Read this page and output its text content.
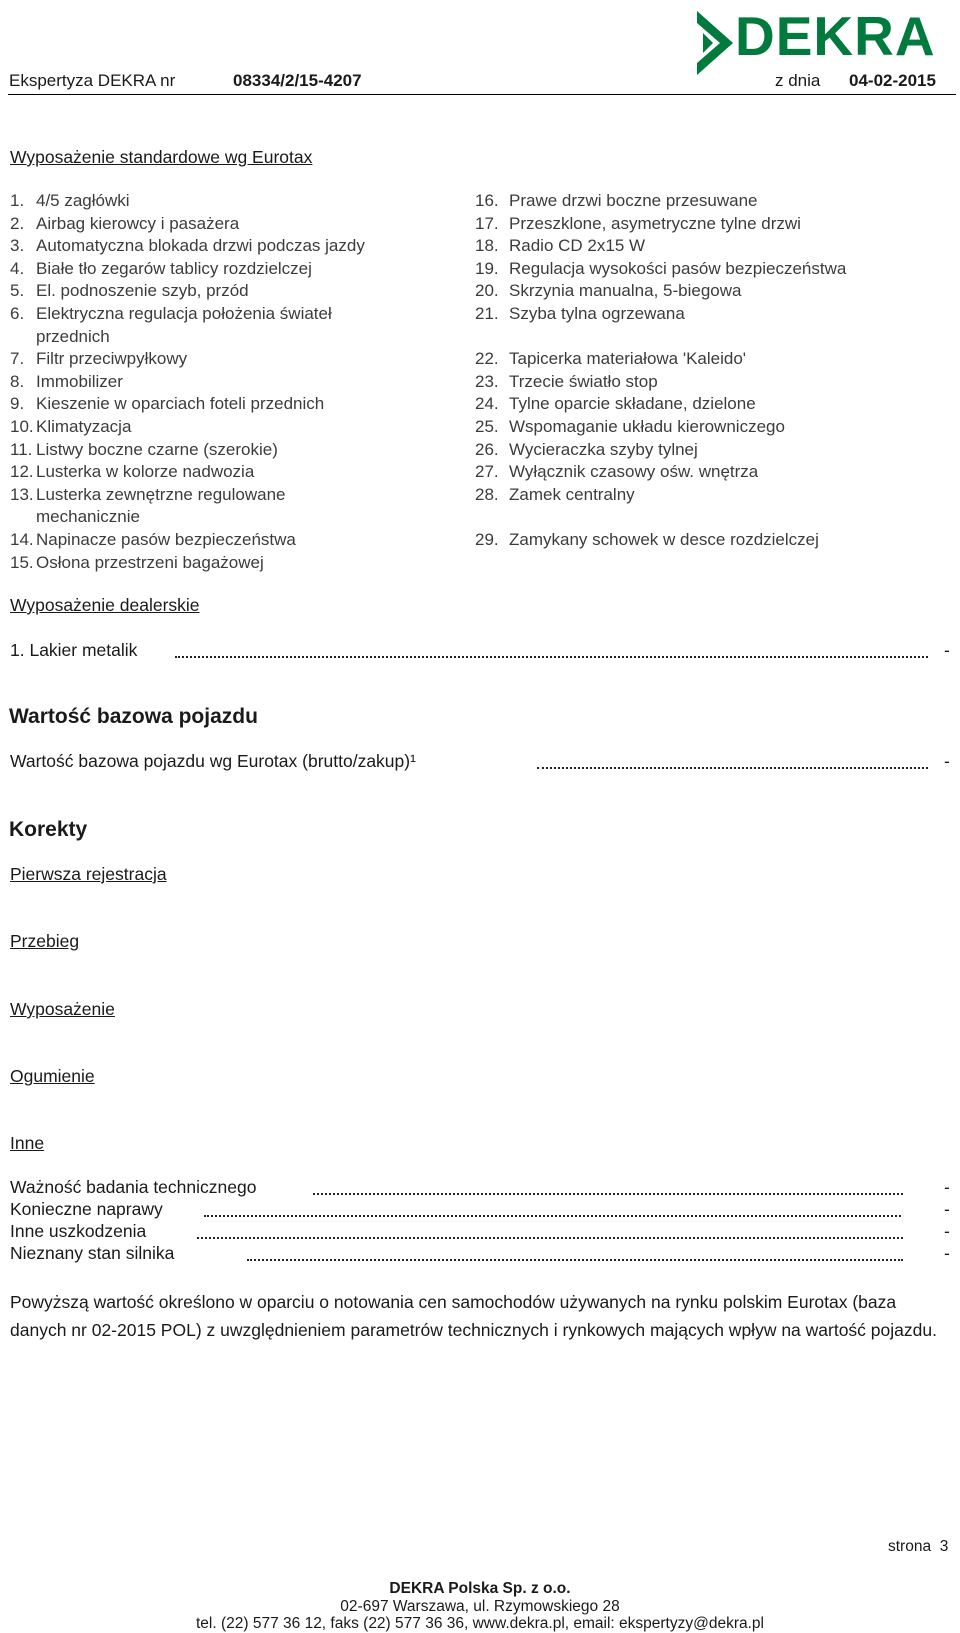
Ekspertyza DEKRA nr	08334/2/15-4207	z dnia 04-02-2015
DEKRA
Wyposażenie standardowe wg Eurotax
1. 4/5 zagłówki
2. Airbag kierowcy i pasażera
3. Automatyczna blokada drzwi podczas jazdy
4. Białe tło zegarów tablicy rozdzielczej
5. El. podnoszenie szyb, przód
6. Elektryczna regulacja położenia świateł
przednich
7. Filtr przeciwpyłkowy
8. Immobilizer
9. Kieszenie w oparciach foteli przednich
10. Klimatyzacja
11. Listwy boczne czarne (szerokie)
12. Lusterka w kolorze nadwozia
13. Lusterka zewnętrzne regulowane
mechanicznie
14. Napinacze pasów bezpieczeństwa
15. Osłona przestrzeni bagażowej
16. Prawe drzwi boczne przesuwane
17. Przeszklone, asymetryczne tylne drzwi
18. Radio CD 2x15 W
19. Regulacja wysokości pasów bezpieczeństwa
20. Skrzynia manualna, 5-biegowa
21. Szyba tylna ogrzewana
22. Tapicerka materiałowa 'Kaleido'
23. Trzecie światło stop
24. Tylne oparcie składane, dzielone
25. Wspomaganie układu kierowniczego
26. Wycieraczka szyby tylnej
27. Wyłącznik czasowy ośw. wnętrza
28. Zamek centralny
29. Zamykany schowek w desce rozdzielczej
Wyposażenie dealerskie
1. Lakier metalik	-
Wartość bazowa pojazdu
Wartość bazowa pojazdu wg Eurotax (brutto/zakup)¹	-
Korekty
Pierwsza rejestracja
Przebieg
Wyposażenie
Ogumienie
Inne
Ważność badania technicznego	-
Konieczne naprawy	-
Inne uszkodzenia	-
Nieznany stan silnika	-
Powyższą wartość określono w oparciu o notowania cen samochodów używanych na rynku polskim Eurotax (baza danych nr 02-2015 POL) z uwzględnieniem parametrów technicznych i rynkowych mających wpływ na wartość pojazdu.
strona 3
DEKRA Polska Sp. z o.o.
02-697 Warszawa, ul. Rzymowskiego 28
tel. (22) 577 36 12, faks (22) 577 36 36, www.dekra.pl, email: ekspertyzy@dekra.pl
